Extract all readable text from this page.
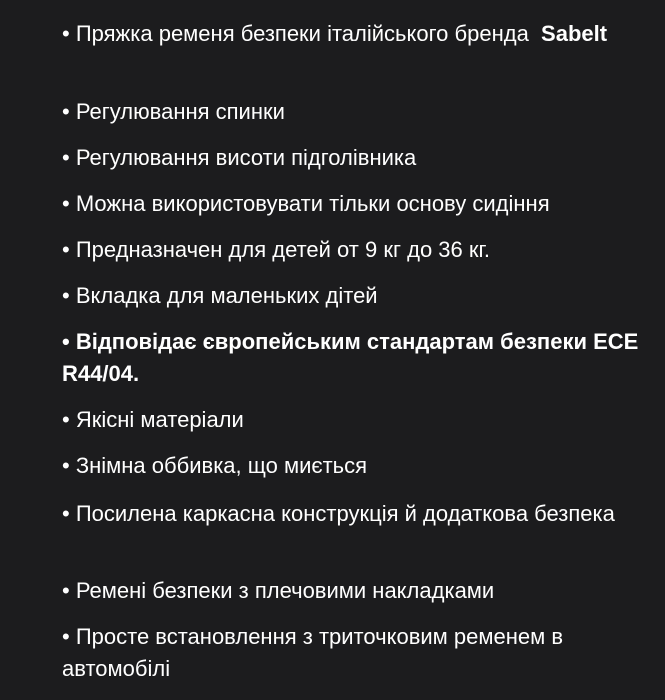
• Пряжка ременя безпеки італійського бренда Sabelt
• Регулювання спинки
• Регулювання висоти підголівника
• Можна використовувати тільки основу сидіння
• Предназначен для детей от 9 кг до 36 кг.
• Вкладка для маленьких дітей
• Відповідає європейським стандартам безпеки ЕСЕ R44/04.
• Якісні матеріали
• Знімна оббивка, що миється
• Посилена каркасна конструкція й додаткова безпека
• Ремені безпеки з плечовими накладками
• Просте встановлення з триточковим ременем в автомобілі
